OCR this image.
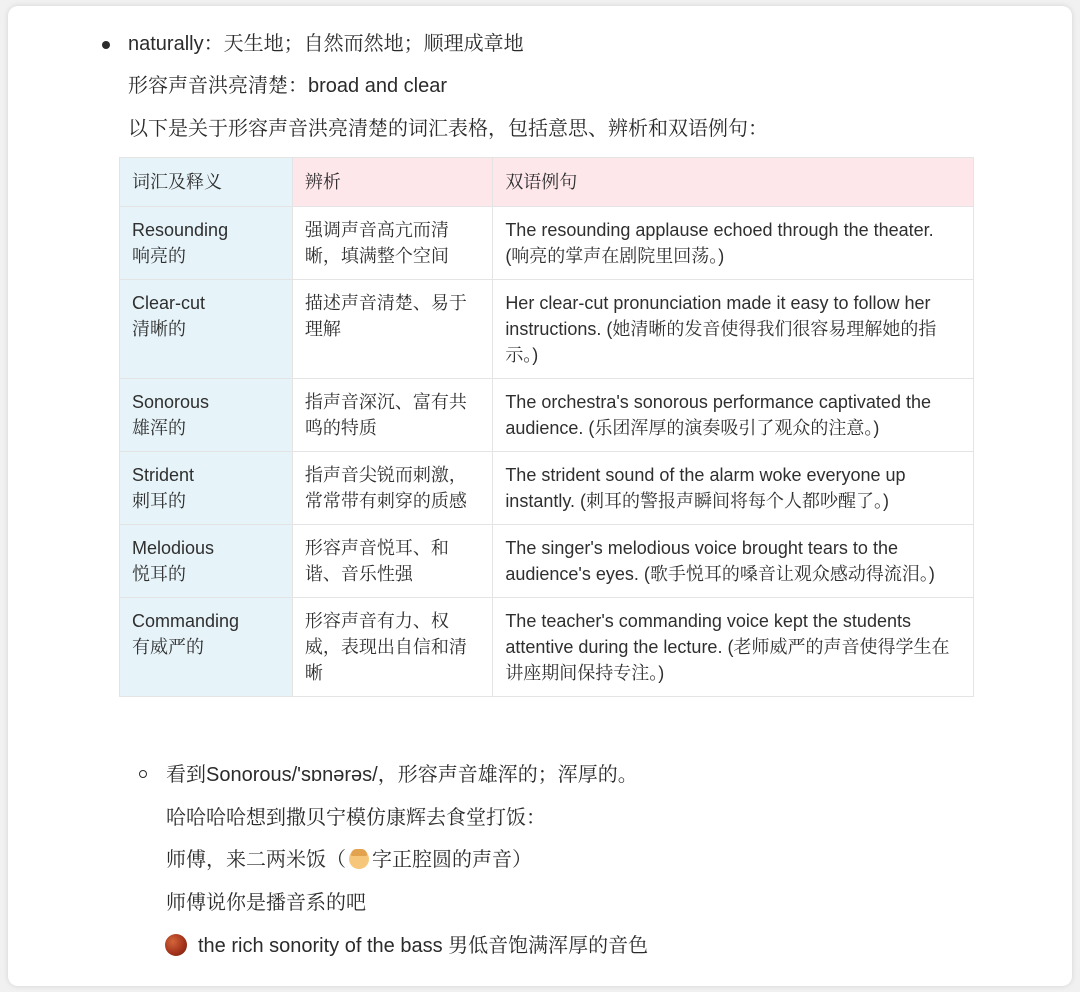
naturally：天生地；自然而然地；顺理成章地
形容声音洪亮清楚：broad and clear
以下是关于形容声音洪亮清楚的词汇表格，包括意思、辨析和双语例句：
词汇及释义	辨析	双语例句

Resounding
响亮的	强调声音高亢而清晰，填满整个空间	The resounding applause echoed through the theater. (响亮的掌声在剧院里回荡。)

Clear-cut
清晰的	描述声音清楚、易于理解	Her clear-cut pronunciation made it easy to follow her instructions. (她清晰的发音使得我们很容易理解她的指示。)

Sonorous
雄浑的	指声音深沉、富有共鸣的特质	The orchestra's sonorous performance captivated the audience. (乐团浑厚的演奏吸引了观众的注意。)

Strident
刺耳的	指声音尖锐而刺激，常常带有刺穿的质感	The strident sound of the alarm woke everyone up instantly. (刺耳的警报声瞬间将每个人都吵醒了。)

Melodious
悦耳的	形容声音悦耳、和谐、音乐性强	The singer's melodious voice brought tears to the audience's eyes. (歌手悦耳的嗓音让观众感动得流泪。)

Commanding
有威严的	形容声音有力、权威，表现出自信和清晰	The teacher's commanding voice kept the students attentive during the lecture. (老师威严的声音使得学生在讲座期间保持专注。)
看到Sonorous/'sɒnərəs/，形容声音雄浑的；浑厚的。
哈哈哈哈想到撒贝宁模仿康辉去食堂打饭：
师傅，来二两米饭（ 字正腔圆的声音）
师傅说你是播音系的吧
the rich sonority of the bass 男低音饱满浑厚的音色
